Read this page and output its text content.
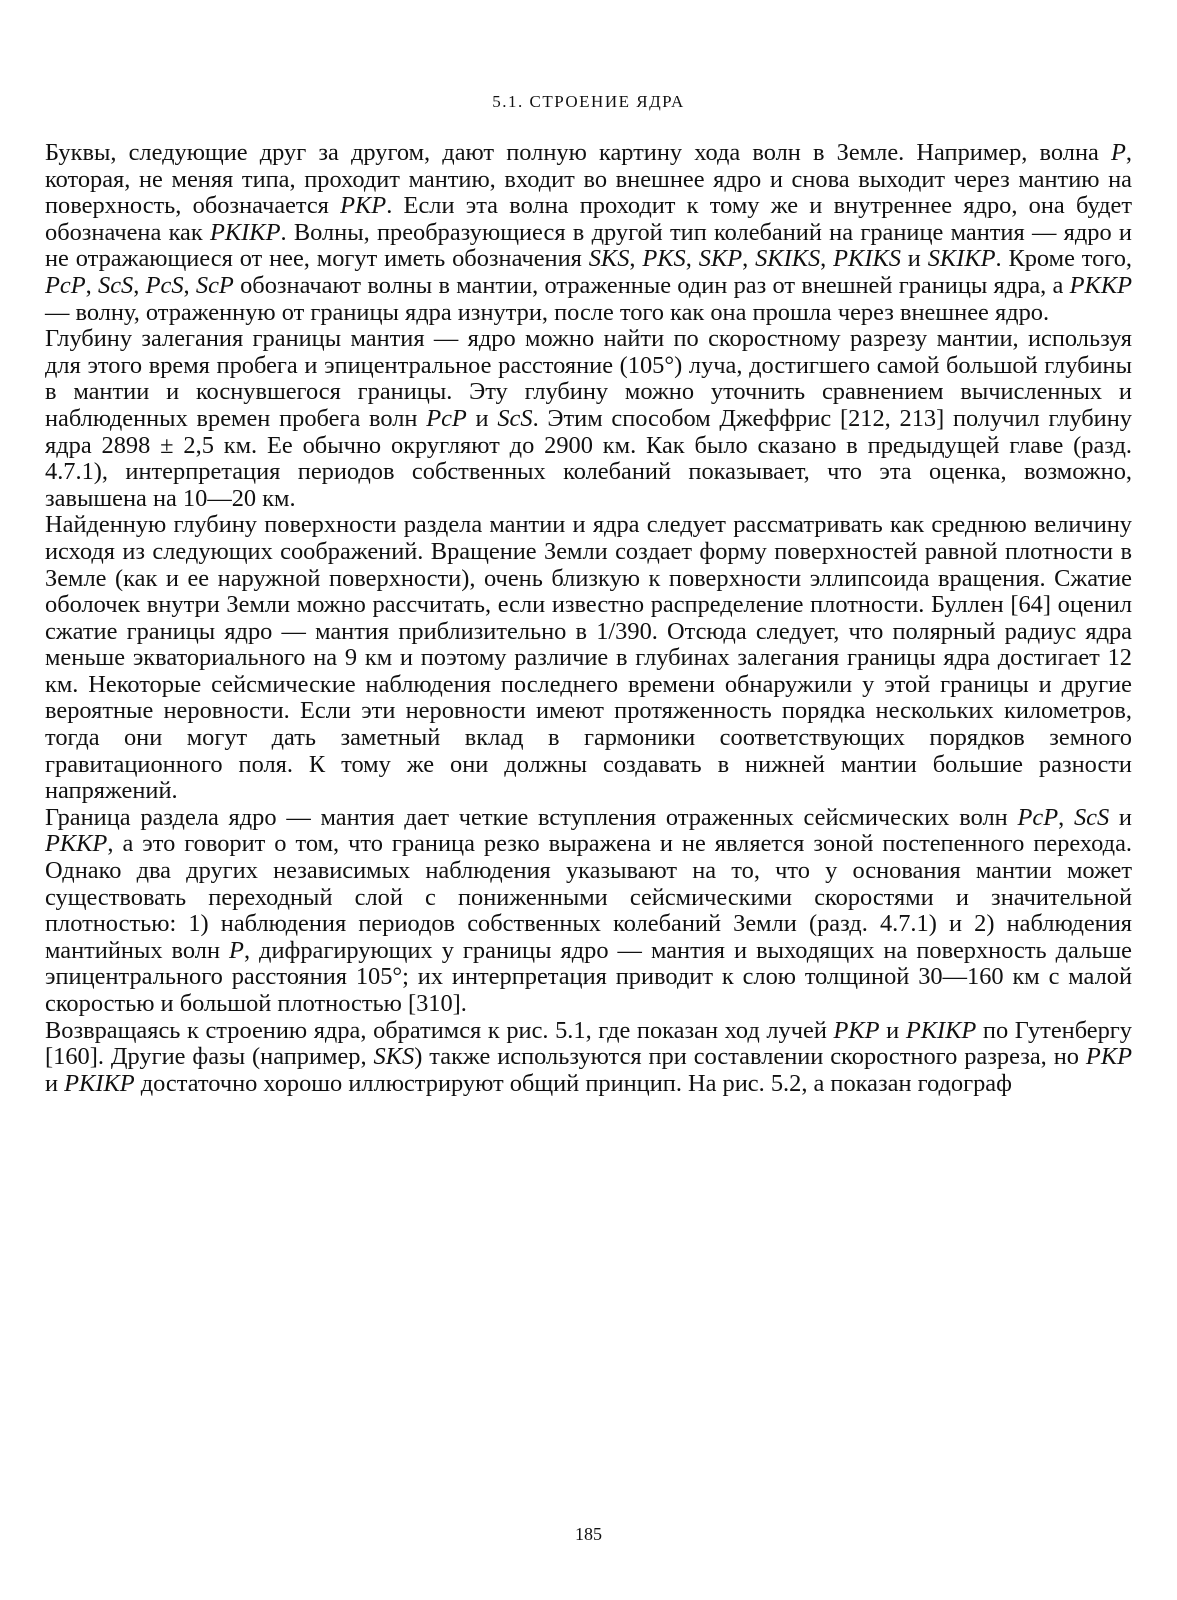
5.1. СТРОЕНИЕ ЯДРА

Буквы, следующие друг за другом, дают полную картину хода волн в Земле. Например, волна P, которая, не меняя типа, проходит мантию, входит во внешнее ядро и снова выходит через мантию на поверхность, обозначается PKP. Если эта волна проходит к тому же и внутреннее ядро, она будет обозначена как PKIKP. Волны, преобразующиеся в другой тип колебаний на границе мантия — ядро и не отражающиеся от нее, могут иметь обозначения SKS, PKS, SKP, SKIKS, PKIKS и SKIKP. Кроме того, PcP, ScS, PcS, ScP обозначают волны в мантии, отраженные один раз от внешней границы ядра, а PKKP — волну, отраженную от границы ядра изнутри, после того как она прошла через внешнее ядро.

Глубину залегания границы мантия — ядро можно найти по скоростному разрезу мантии, используя для этого время пробега и эпицентральное расстояние (105°) луча, достигшего самой большой глубины в мантии и коснувшегося границы. Эту глубину можно уточнить сравнением вычисленных и наблюденных времен пробега волн PcP и ScS. Этим способом Джеффрис [212, 213] получил глубину ядра 2898 ± 2,5 км. Ее обычно округляют до 2900 км. Как было сказано в предыдущей главе (разд. 4.7.1), интерпретация периодов собственных колебаний показывает, что эта оценка, возможно, завышена на 10—20 км.

Найденную глубину поверхности раздела мантии и ядра следует рассматривать как среднюю величину исходя из следующих соображений. Вращение Земли создает форму поверхностей равной плотности в Земле (как и ее наружной поверхности), очень близкую к поверхности эллипсоида вращения. Сжатие оболочек внутри Земли можно рассчитать, если известно распределение плотности. Буллен [64] оценил сжатие границы ядро — мантия приблизительно в 1/390. Отсюда следует, что полярный радиус ядра меньше экваториального на 9 км и поэтому различие в глубинах залегания границы ядра достигает 12 км. Некоторые сейсмические наблюдения последнего времени обнаружили у этой границы и другие вероятные неровности. Если эти неровности имеют протяженность порядка нескольких километров, тогда они могут дать заметный вклад в гармоники соответствующих порядков земного гравитационного поля. К тому же они должны создавать в нижней мантии большие разности напряжений.

Граница раздела ядро — мантия дает четкие вступления отраженных сейсмических волн PcP, ScS и PKKP, а это говорит о том, что граница резко выражена и не является зоной постепенного перехода. Однако два других независимых наблюдения указывают на то, что у основания мантии может существовать переходный слой с пониженными сейсмическими скоростями и значительной плотностью: 1) наблюдения периодов собственных колебаний Земли (разд. 4.7.1) и 2) наблюдения мантийных волн P, дифрагирующих у границы ядро — мантия и выходящих на поверхность дальше эпицентрального расстояния 105°; их интерпретация приводит к слою толщиной 30—160 км с малой скоростью и большой плотностью [310].

Возвращаясь к строению ядра, обратимся к рис. 5.1, где показан ход лучей PKP и PKIKP по Гутенбергу [160]. Другие фазы (например, SKS) также используются при составлении скоростного разреза, но PKP и PKIKP достаточно хорошо иллюстрируют общий принцип. На рис. 5.2, a показан годограф

185
